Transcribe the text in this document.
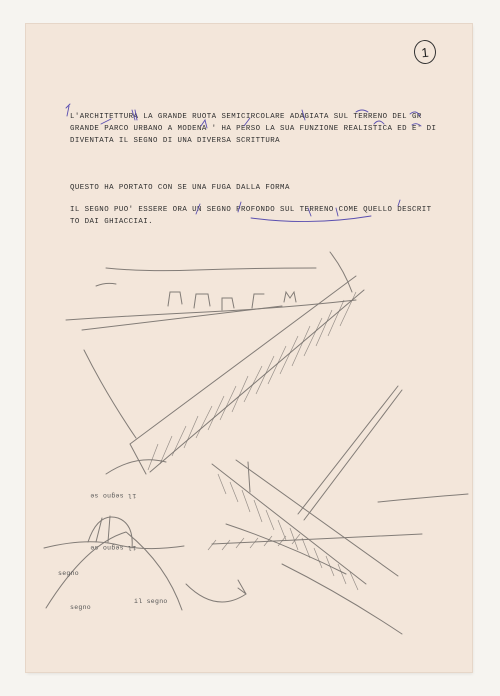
1
L'ARCHITETTURA LA GRANDE RUOTA SEMICIRCOLARE ADAGIATA SUL TERRENO DEL GR
GRANDE PARCO URBANO A MODENA ' HA PERSO LA SUA FUNZIONE REALISTICA ED E' DI
DIVENTATA IL SEGNO DI UNA DIVERSA SCRITTURA
QUESTO HA PORTATO CON SE UNA FUGA DALLA FORMA
IL SEGNO PUO' ESSERE ORA UN SEGNO PROFONDO SUL TERRENO COME QUELLO DESCRIT
TO DAI GHIACCIAI.
il segno se
il segno se
segno
segno
il segno
